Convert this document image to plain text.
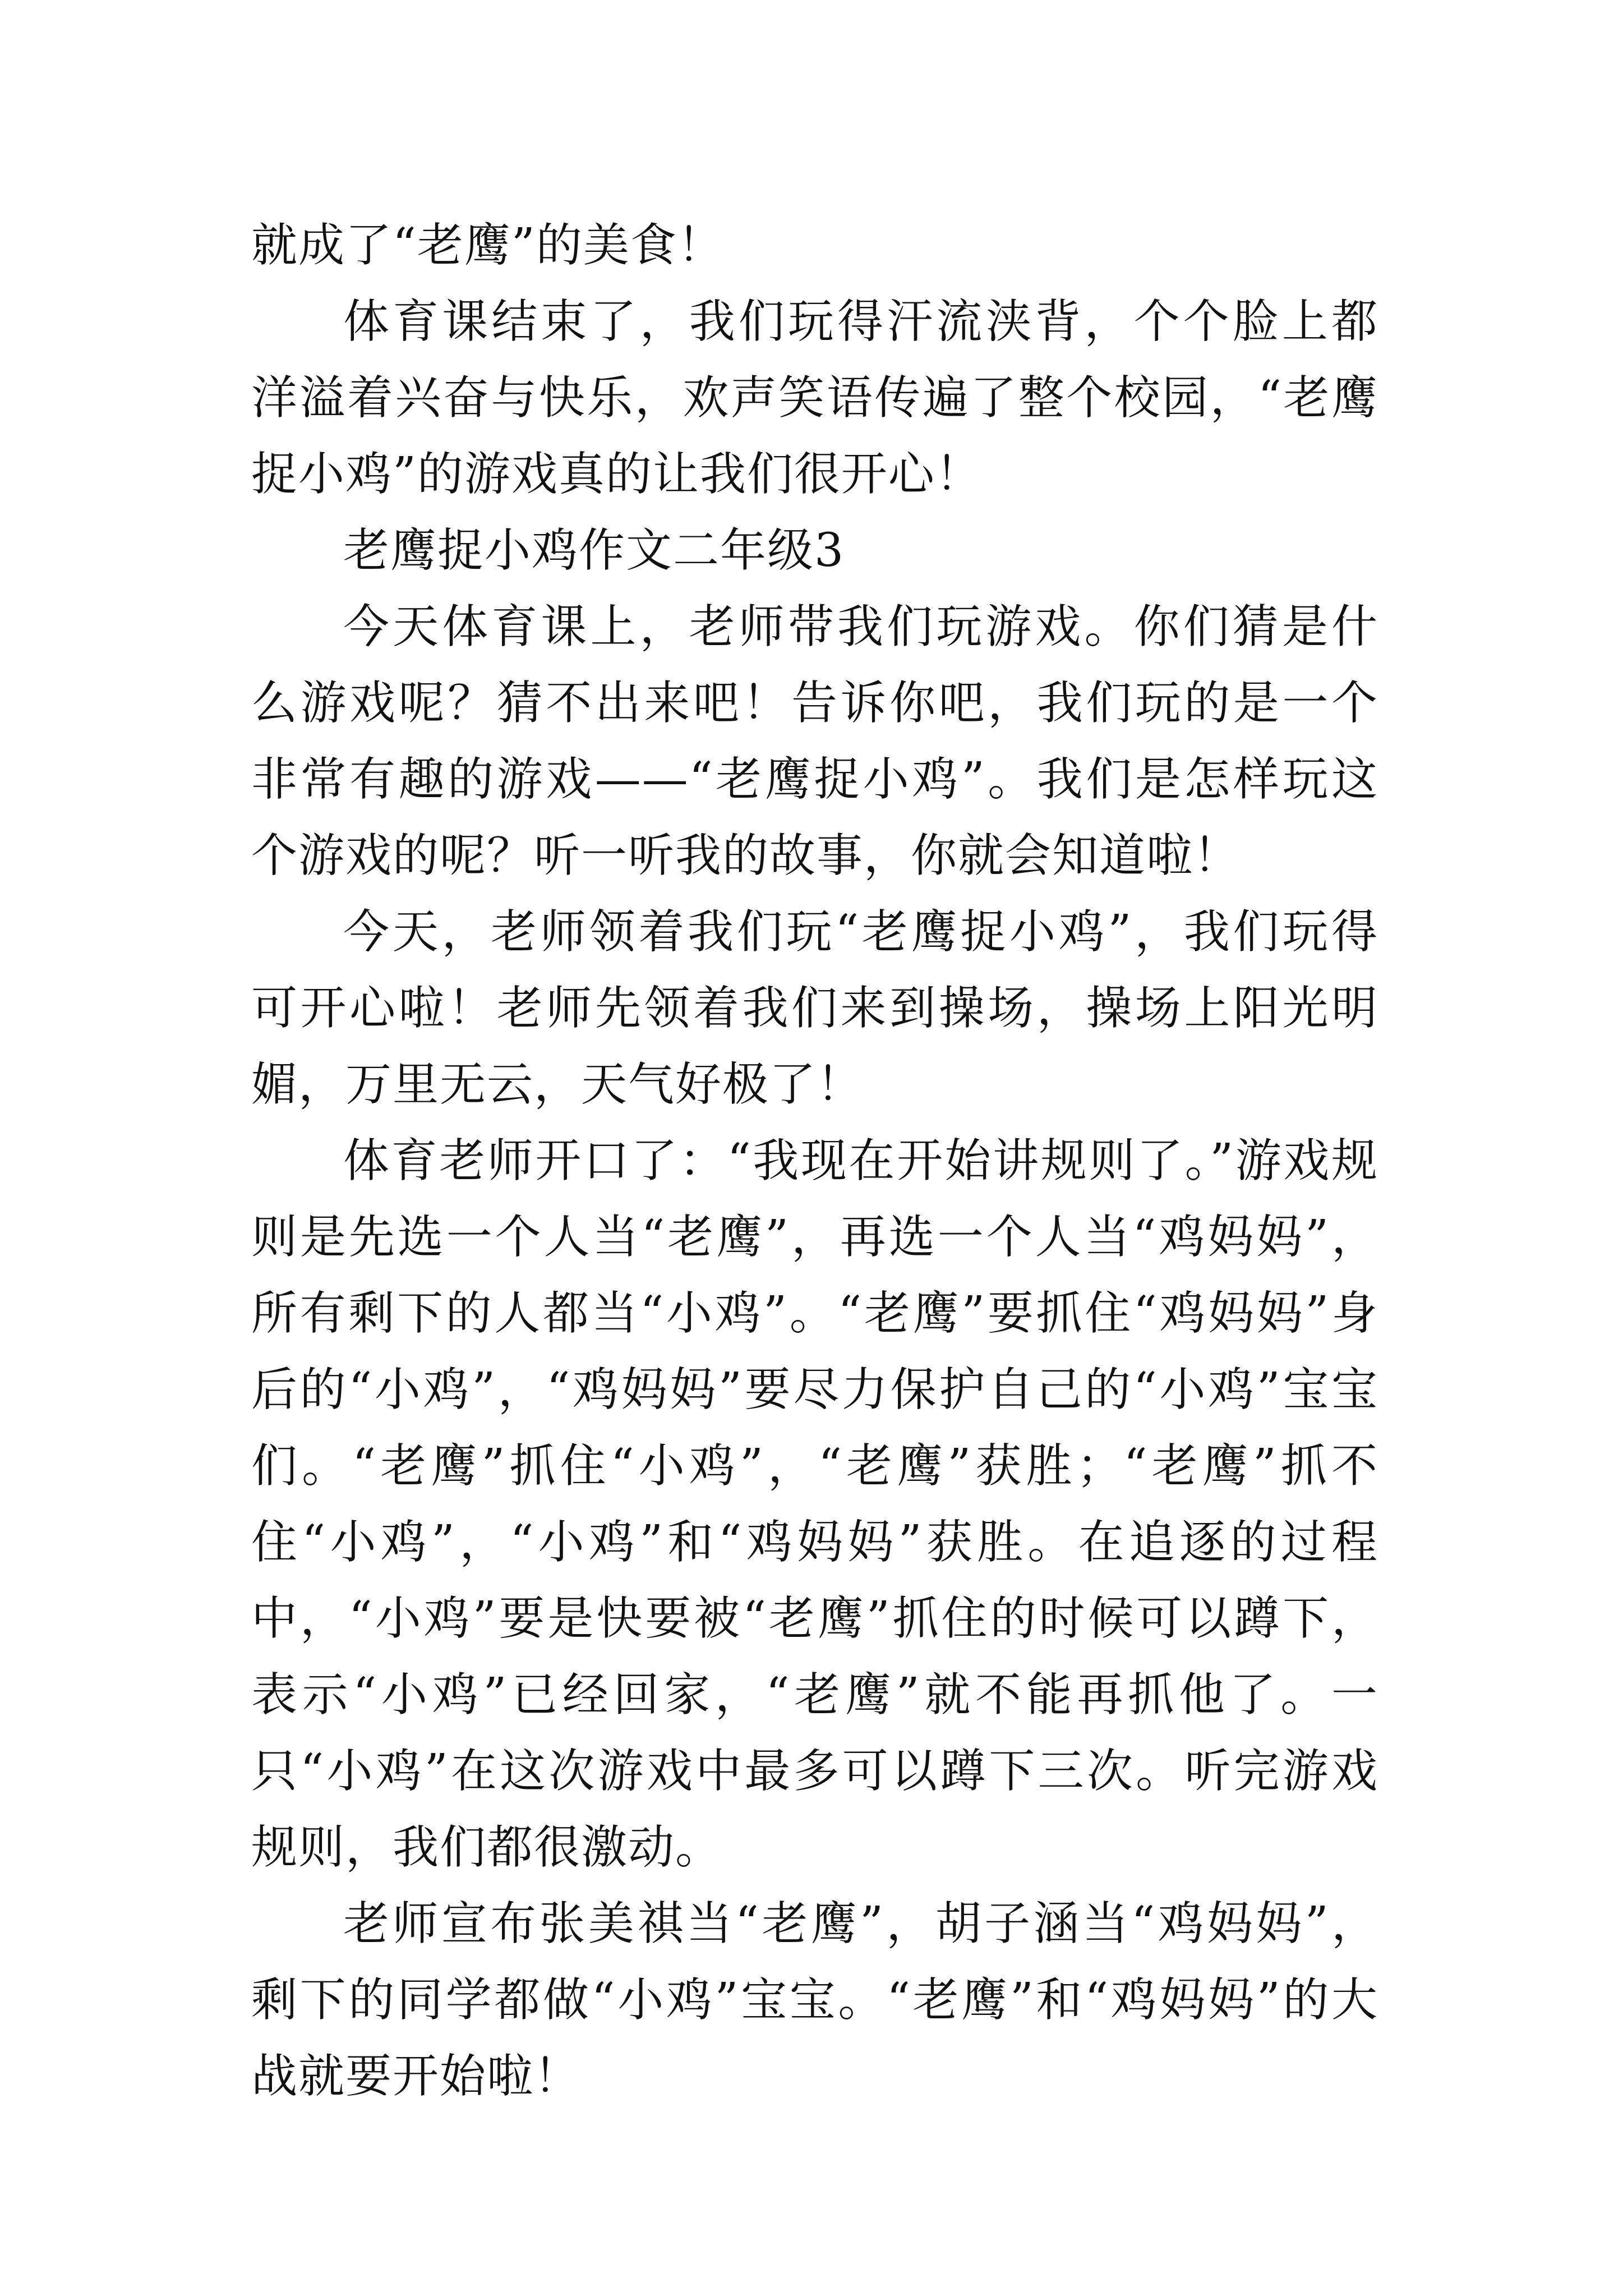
就成了“老鹰”的美食！

体育课结束了，我们玩得汗流浃背，个个脸上都洋溢着兴奋与快乐，欢声笑语传遍了整个校园，“老鹰捉小鸡”的游戏真的让我们很开心！

老鹰捉小鸡作文二年级3

今天体育课上，老师带我们玩游戏。你们猜是什么游戏呢？猜不出来吧！告诉你吧，我们玩的是一个非常有趣的游戏——“老鹰捉小鸡”。我们是怎样玩这个游戏的呢？听一听我的故事，你就会知道啦！

今天，老师领着我们玩“老鹰捉小鸡”，我们玩得可开心啦！老师先领着我们来到操场，操场上阳光明媚，万里无云，天气好极了！

体育老师开口了：“我现在开始讲规则了。”游戏规则是先选一个人当“老鹰”，再选一个人当“鸡妈妈”，所有剩下的人都当“小鸡”。“老鹰”要抓住“鸡妈妈”身后的“小鸡”，“鸡妈妈”要尽力保护自己的“小鸡”宝宝们。“老鹰”抓住“小鸡”，“老鹰”获胜；“老鹰”抓不住“小鸡”，“小鸡”和“鸡妈妈”获胜。在追逐的过程中，“小鸡”要是快要被“老鹰”抓住的时候可以蹲下，表示“小鸡”已经回家，“老鹰”就不能再抓他了。一只“小鸡”在这次游戏中最多可以蹲下三次。听完游戏规则，我们都很激动。

老师宣布张美祺当“老鹰”，胡子涵当“鸡妈妈”，剩下的同学都做“小鸡”宝宝。“老鹰”和“鸡妈妈”的大战就要开始啦！
